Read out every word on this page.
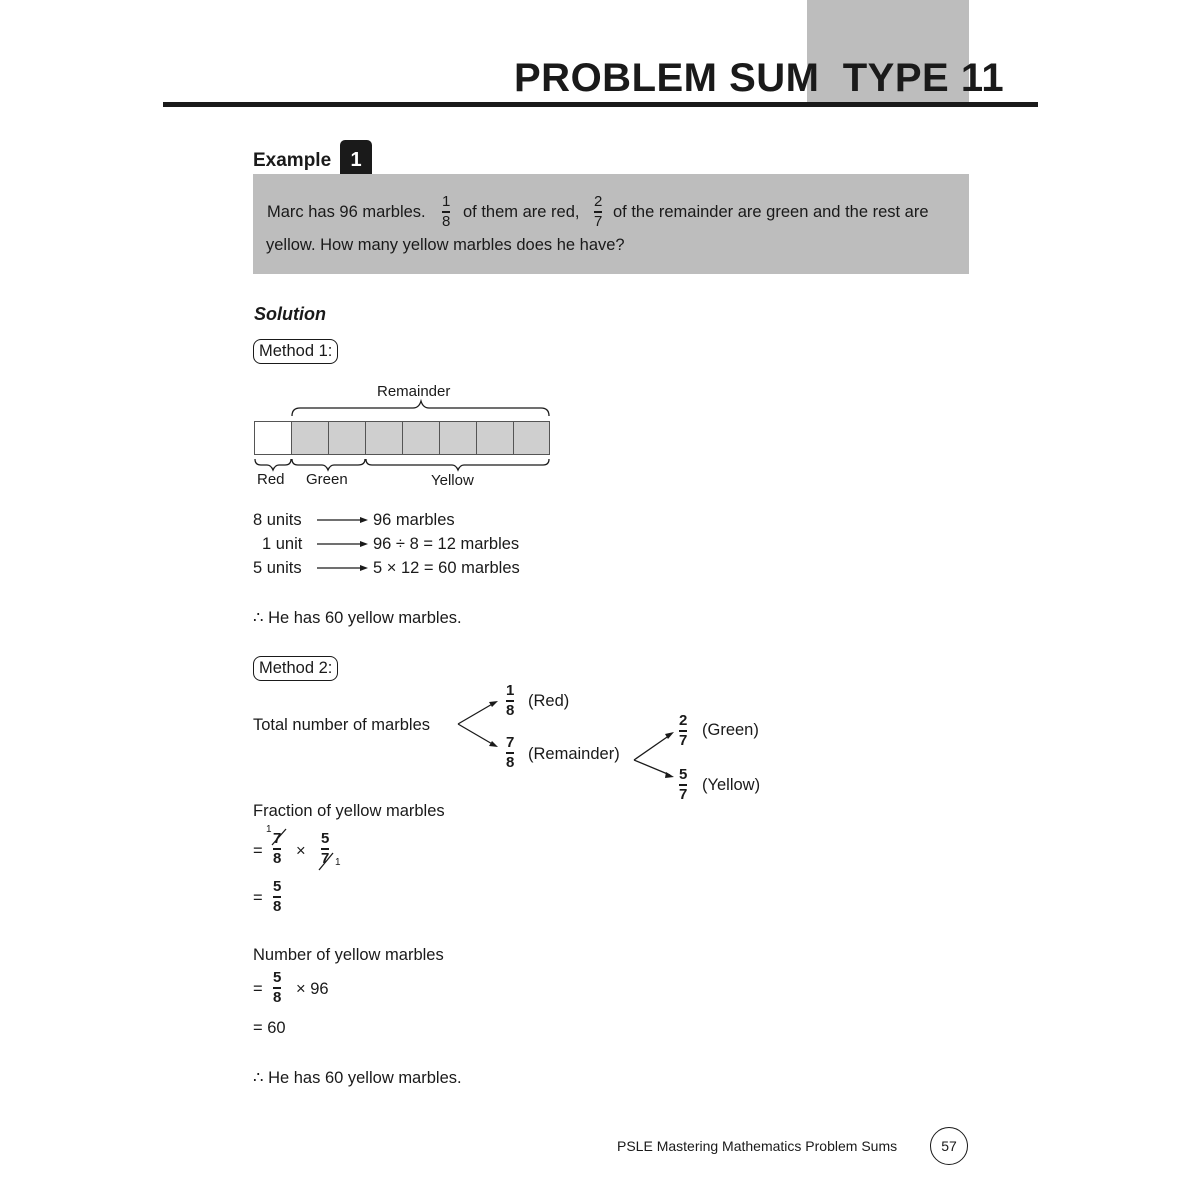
PROBLEM SUM  TYPE 11
Example 1
Marc has 96 marbles.
1
8 of them are red,
2
7 of the remainder are green and the rest are
yellow. How many yellow marbles does he have?
Solution
Method 1:
Remainder
Red Green	Yellow
8 units	96 marbles
1 unit	96 ÷ 8 = 12 marbles
5 units	5 × 12 = 60 marbles
∴ He has 60 yellow marbles.
Method 2:
Total number of marbles
1
8 (Red)
7
8 (Remainder)
2
7
(Green)
5
7 (Yellow)
Fraction of yellow marbles
=
1
7
8 ×
5
7 1
=
5
8
Number of yellow marbles
=
5
8 × 96
= 60
∴ He has 60 yellow marbles.
PSLE Mastering Mathematics Problem Sums	57
